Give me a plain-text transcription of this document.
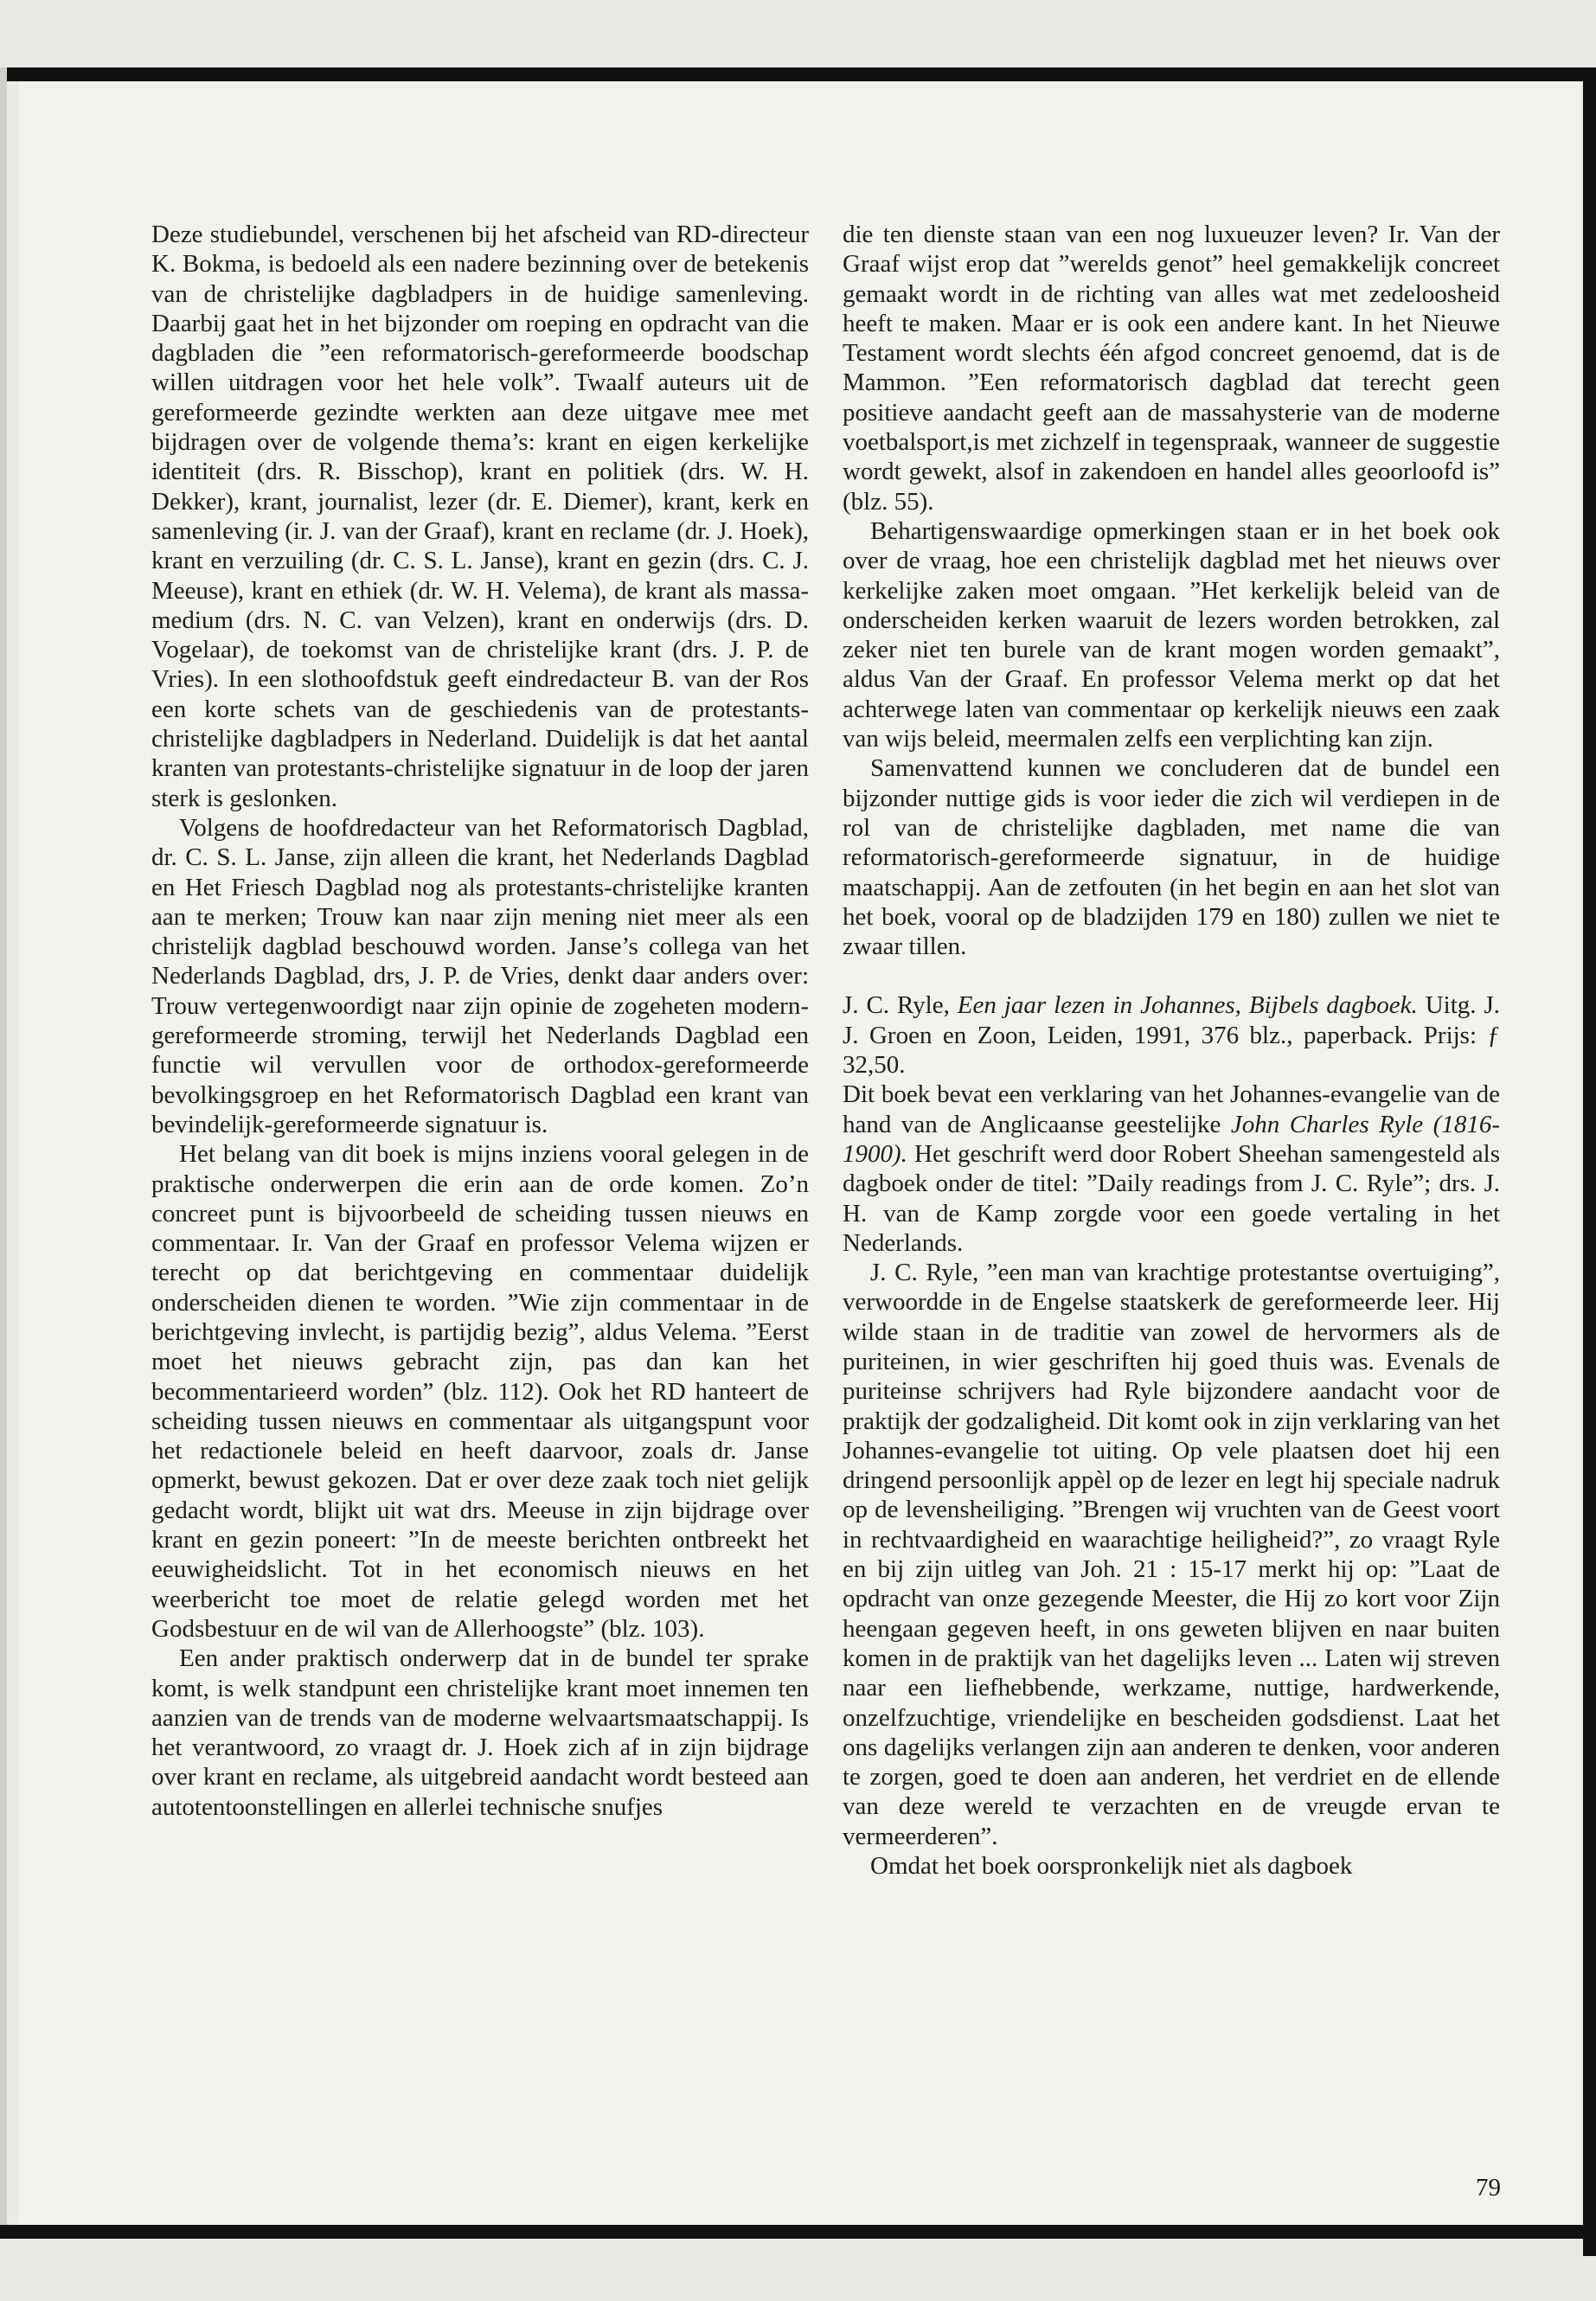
Deze studiebundel, verschenen bij het afscheid van RD-directeur K. Bokma, is bedoeld als een nadere bezinning over de betekenis van de christelijke dagbladpers in de huidige samenleving. Daarbij gaat het in het bijzonder om roeping en opdracht van die dagbladen die ”een reformatorisch-gereformeerde boodschap willen uitdragen voor het hele volk”. Twaalf auteurs uit de gereformeerde gezindte werkten aan deze uitgave mee met bijdragen over de volgende thema’s: krant en eigen kerkelijke identiteit (drs. R. Bisschop), krant en politiek (drs. W. H. Dekker), krant, journalist, lezer (dr. E. Diemer), krant, kerk en samenleving (ir. J. van der Graaf), krant en reclame (dr. J. Hoek), krant en verzuiling (dr. C. S. L. Janse), krant en gezin (drs. C. J. Meeuse), krant en ethiek (dr. W. H. Velema), de krant als massa-medium (drs. N. C. van Velzen), krant en onderwijs (drs. D. Vogelaar), de toekomst van de christelijke krant (drs. J. P. de Vries). In een slothoofdstuk geeft eindredacteur B. van der Ros een korte schets van de geschiedenis van de protestants-christelijke dagbladpers in Nederland. Duidelijk is dat het aantal kranten van protestants-christelijke signatuur in de loop der jaren sterk is geslonken.

Volgens de hoofdredacteur van het Reformatorisch Dagblad, dr. C. S. L. Janse, zijn alleen die krant, het Nederlands Dagblad en Het Friesch Dagblad nog als protestants-christelijke kranten aan te merken; Trouw kan naar zijn mening niet meer als een christelijk dagblad beschouwd worden. Janse’s collega van het Nederlands Dagblad, drs, J. P. de Vries, denkt daar anders over: Trouw vertegenwoordigt naar zijn opinie de zogeheten modern-gereformeerde stroming, terwijl het Nederlands Dagblad een functie wil vervullen voor de orthodox-gereformeerde bevolkingsgroep en het Reformatorisch Dagblad een krant van bevindelijk-gereformeerde signatuur is.

Het belang van dit boek is mijns inziens vooral gelegen in de praktische onderwerpen die erin aan de orde komen. Zo’n concreet punt is bijvoorbeeld de scheiding tussen nieuws en commentaar. Ir. Van der Graaf en professor Velema wijzen er terecht op dat berichtgeving en commentaar duidelijk onderscheiden dienen te worden. ”Wie zijn commentaar in de berichtgeving invlecht, is partijdig bezig”, aldus Velema. ”Eerst moet het nieuws gebracht zijn, pas dan kan het becommentarieerd worden” (blz. 112). Ook het RD hanteert de scheiding tussen nieuws en commentaar als uitgangspunt voor het redactionele beleid en heeft daarvoor, zoals dr. Janse opmerkt, bewust gekozen. Dat er over deze zaak toch niet gelijk gedacht wordt, blijkt uit wat drs. Meeuse in zijn bijdrage over krant en gezin poneert: ”In de meeste berichten ontbreekt het eeuwigheidslicht. Tot in het economisch nieuws en het weerbericht toe moet de relatie gelegd worden met het Godsbestuur en de wil van de Allerhoogste” (blz. 103).

Een ander praktisch onderwerp dat in de bundel ter sprake komt, is welk standpunt een christelijke krant moet innemen ten aanzien van de trends van de moderne welvaartsmaatschappij. Is het verantwoord, zo vraagt dr. J. Hoek zich af in zijn bijdrage over krant en reclame, als uitgebreid aandacht wordt besteed aan autotentoonstellingen en allerlei technische snufjes

die ten dienste staan van een nog luxueuzer leven? Ir. Van der Graaf wijst erop dat ”werelds genot” heel gemakkelijk concreet gemaakt wordt in de richting van alles wat met zedeloosheid heeft te maken. Maar er is ook een andere kant. In het Nieuwe Testament wordt slechts één afgod concreet genoemd, dat is de Mammon. ”Een reformatorisch dagblad dat terecht geen positieve aandacht geeft aan de massahysterie van de moderne voetbalsport,is met zichzelf in tegenspraak, wanneer de suggestie wordt gewekt, alsof in zakendoen en handel alles geoorloofd is” (blz. 55).

Behartigenswaardige opmerkingen staan er in het boek ook over de vraag, hoe een christelijk dagblad met het nieuws over kerkelijke zaken moet omgaan. ”Het kerkelijk beleid van de onderscheiden kerken waaruit de lezers worden betrokken, zal zeker niet ten burele van de krant mogen worden gemaakt”, aldus Van der Graaf. En professor Velema merkt op dat het achterwege laten van commentaar op kerkelijk nieuws een zaak van wijs beleid, meermalen zelfs een verplichting kan zijn.

Samenvattend kunnen we concluderen dat de bundel een bijzonder nuttige gids is voor ieder die zich wil verdiepen in de rol van de christelijke dagbladen, met name die van reformatorisch-gereformeerde signatuur, in de huidige maatschappij. Aan de zetfouten (in het begin en aan het slot van het boek, vooral op de bladzijden 179 en 180) zullen we niet te zwaar tillen.

J. C. Ryle, Een jaar lezen in Johannes, Bijbels dagboek. Uitg. J. J. Groen en Zoon, Leiden, 1991, 376 blz., paperback. Prijs: ƒ 32,50.

Dit boek bevat een verklaring van het Johannes-evangelie van de hand van de Anglicaanse geestelijke John Charles Ryle (1816-1900). Het geschrift werd door Robert Sheehan samengesteld als dagboek onder de titel: ”Daily readings from J. C. Ryle”; drs. J. H. van de Kamp zorgde voor een goede vertaling in het Nederlands.

J. C. Ryle, ”een man van krachtige protestantse overtuiging”, verwoordde in de Engelse staatskerk de gereformeerde leer. Hij wilde staan in de traditie van zowel de hervormers als de puriteinen, in wier geschriften hij goed thuis was. Evenals de puriteinse schrijvers had Ryle bijzondere aandacht voor de praktijk der godzaligheid. Dit komt ook in zijn verklaring van het Johannes-evangelie tot uiting. Op vele plaatsen doet hij een dringend persoonlijk appèl op de lezer en legt hij speciale nadruk op de levensheiliging. ”Brengen wij vruchten van de Geest voort in rechtvaardigheid en waarachtige heiligheid?”, zo vraagt Ryle en bij zijn uitleg van Joh. 21 : 15-17 merkt hij op: ”Laat de opdracht van onze gezegende Meester, die Hij zo kort voor Zijn heengaan gegeven heeft, in ons geweten blijven en naar buiten komen in de praktijk van het dagelijks leven ... Laten wij streven naar een liefhebbende, werkzame, nuttige, hardwerkende, onzelfzuchtige, vriendelijke en bescheiden godsdienst. Laat het ons dagelijks verlangen zijn aan anderen te denken, voor anderen te zorgen, goed te doen aan anderen, het verdriet en de ellende van deze wereld te verzachten en de vreugde ervan te vermeerderen”.

Omdat het boek oorspronkelijk niet als dagboek

79
